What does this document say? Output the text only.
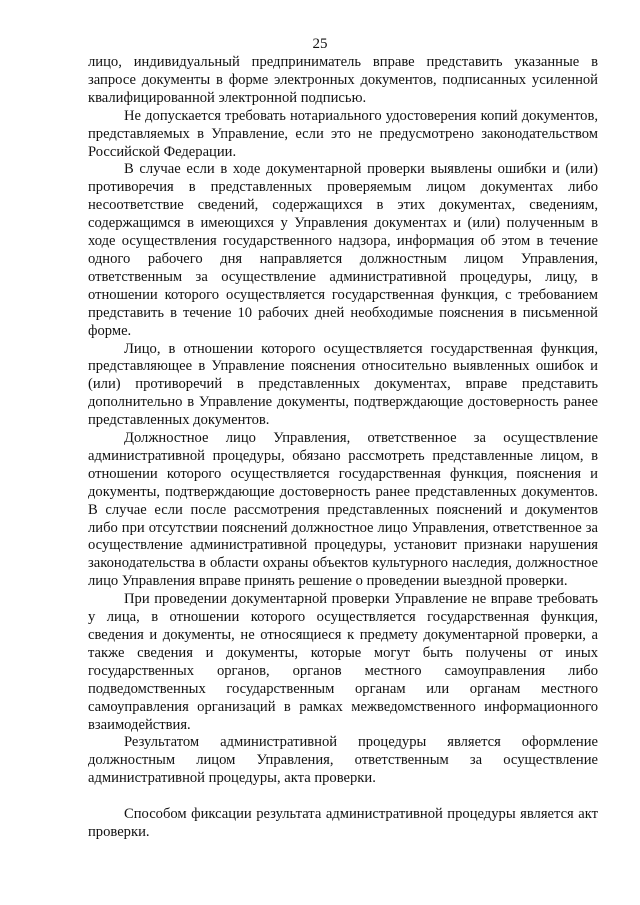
25

лицо, индивидуальный предприниматель вправе представить указанные в запросе документы в форме электронных документов, подписанных усиленной квалифицированной электронной подписью.

Не допускается требовать нотариального удостоверения копий документов, представляемых в Управление, если это не предусмотрено законодательством Российской Федерации.

В случае если в ходе документарной проверки выявлены ошибки и (или) противоречия в представленных проверяемым лицом документах либо несоответствие сведений, содержащихся в этих документах, сведениям, содержащимся в имеющихся у Управления документах и (или) полученным в ходе осуществления государственного надзора, информация об этом в течение одного рабочего дня направляется должностным лицом Управления, ответственным за осуществление административной процедуры, лицу, в отношении которого осуществляется государственная функция, с требованием представить в течение 10 рабочих дней необходимые пояснения в письменной форме.

Лицо, в отношении которого осуществляется государственная функция, представляющее в Управление пояснения относительно выявленных ошибок и (или) противоречий в представленных документах, вправе представить дополнительно в Управление документы, подтверждающие достоверность ранее представленных документов.

Должностное лицо Управления, ответственное за осуществление административной процедуры, обязано рассмотреть представленные лицом, в отношении которого осуществляется государственная функция, пояснения и документы, подтверждающие достоверность ранее представленных документов. В случае если после рассмотрения представленных пояснений и документов либо при отсутствии пояснений должностное лицо Управления, ответственное за осуществление административной процедуры, установит признаки нарушения законодательства в области охраны объектов культурного наследия, должностное лицо Управления вправе принять решение о проведении выездной проверки.

При проведении документарной проверки Управление не вправе требовать у лица, в отношении которого осуществляется государственная функция, сведения и документы, не относящиеся к предмету документарной проверки, а также сведения и документы, которые могут быть получены от иных государственных органов, органов местного самоуправления либо подведомственных государственным органам или органам местного самоуправления организаций в рамках межведомственного информационного взаимодействия.

Результатом административной процедуры является оформление должностным лицом Управления, ответственным за осуществление административной процедуры, акта проверки.

Способом фиксации результата административной процедуры является акт проверки.
